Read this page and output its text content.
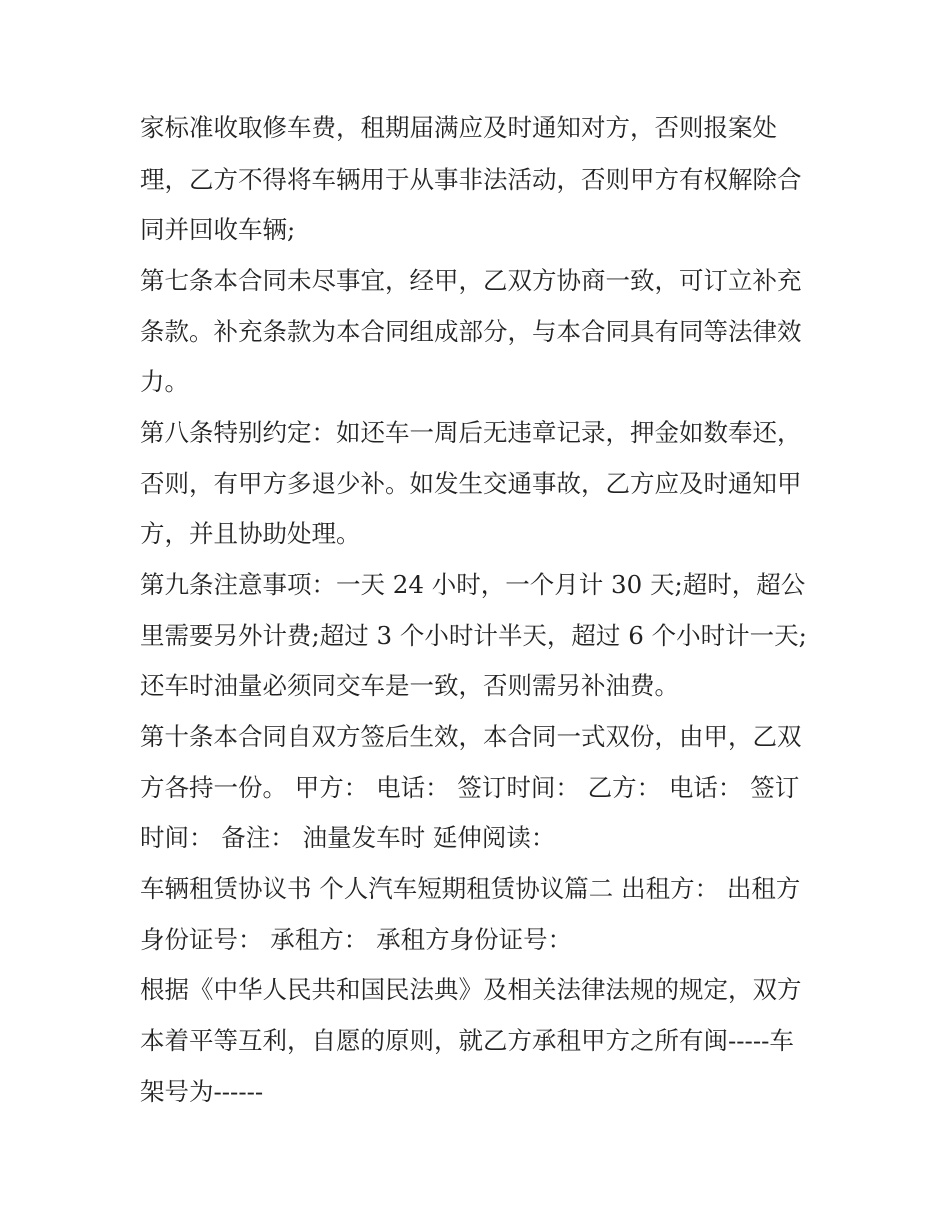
家标准收取修车费，租期届满应及时通知对方，否则报案处
理，乙方不得将车辆用于从事非法活动，否则甲方有权解除合
同并回收车辆;
第七条本合同未尽事宜，经甲，乙双方协商一致，可订立补充
条款。补充条款为本合同组成部分，与本合同具有同等法律效
力。
第八条特别约定：如还车一周后无违章记录，押金如数奉还，
否则，有甲方多退少补。如发生交通事故，乙方应及时通知甲
方，并且协助处理。
第九条注意事项：一天 24 小时，一个月计 30 天;超时，超公
里需要另外计费;超过 3 个小时计半天，超过 6 个小时计一天;
还车时油量必须同交车是一致，否则需另补油费。
第十条本合同自双方签后生效，本合同一式双份，由甲，乙双
方各持一份。 甲方： 电话： 签订时间： 乙方： 电话： 签订
时间： 备注： 油量发车时 延伸阅读：
车辆租赁协议书 个人汽车短期租赁协议篇二 出租方： 出租方
身份证号： 承租方： 承租方身份证号：
根据《中华人民共和国民法典》及相关法律法规的规定，双方
本着平等互利，自愿的原则，就乙方承租甲方之所有闽-----车
架号为------
